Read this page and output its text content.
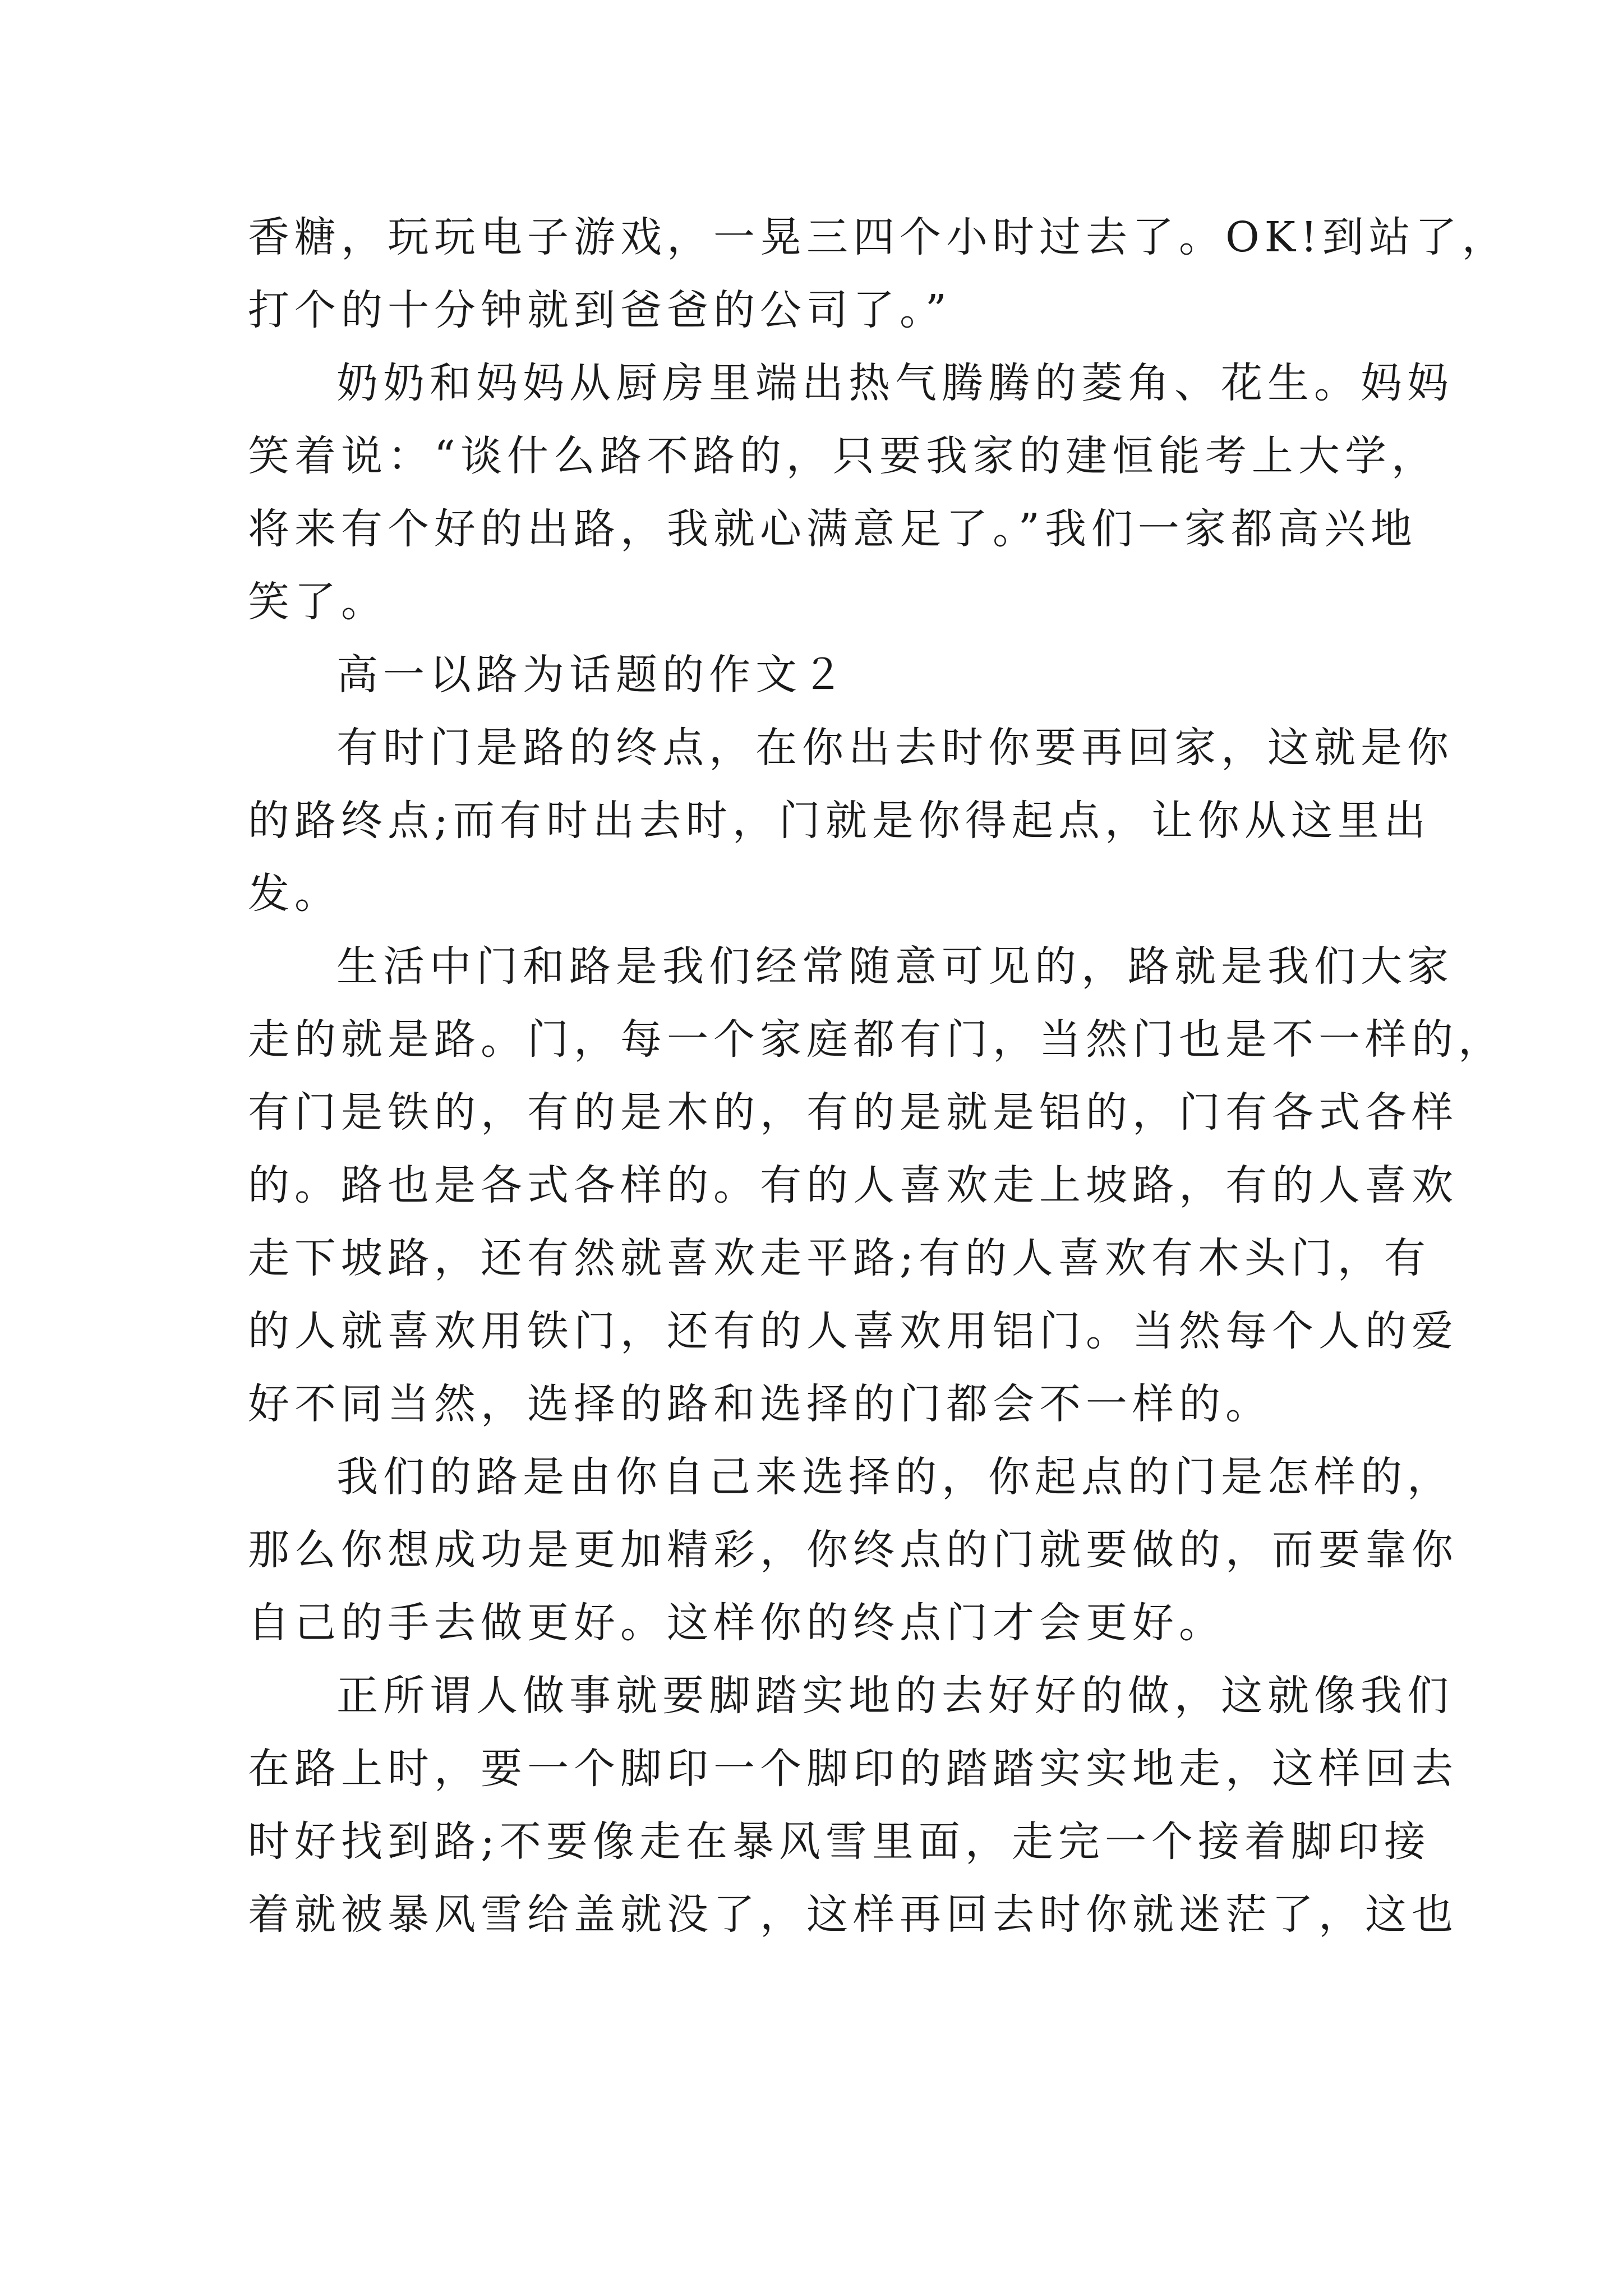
香糖，玩玩电子游戏，一晃三四个小时过去了。OK!到站了，
打个的十分钟就到爸爸的公司了。”
奶奶和妈妈从厨房里端出热气腾腾的菱角、花生。妈妈
笑着说：“谈什么路不路的，只要我家的建恒能考上大学，
将来有个好的出路，我就心满意足了。”我们一家都高兴地
笑了。
高一以路为话题的作文２
有时门是路的终点，在你出去时你要再回家，这就是你
的路终点;而有时出去时，门就是你得起点，让你从这里出
发。
生活中门和路是我们经常随意可见的，路就是我们大家
走的就是路。门，每一个家庭都有门，当然门也是不一样的，
有门是铁的，有的是木的，有的是就是铝的，门有各式各样
的。路也是各式各样的。有的人喜欢走上坡路，有的人喜欢
走下坡路，还有然就喜欢走平路;有的人喜欢有木头门，有
的人就喜欢用铁门，还有的人喜欢用铝门。当然每个人的爱
好不同当然，选择的路和选择的门都会不一样的。
我们的路是由你自己来选择的，你起点的门是怎样的，
那么你想成功是更加精彩，你终点的门就要做的，而要靠你
自己的手去做更好。这样你的终点门才会更好。
正所谓人做事就要脚踏实地的去好好的做，这就像我们
在路上时，要一个脚印一个脚印的踏踏实实地走，这样回去
时好找到路;不要像走在暴风雪里面，走完一个接着脚印接
着就被暴风雪给盖就没了，这样再回去时你就迷茫了，这也
